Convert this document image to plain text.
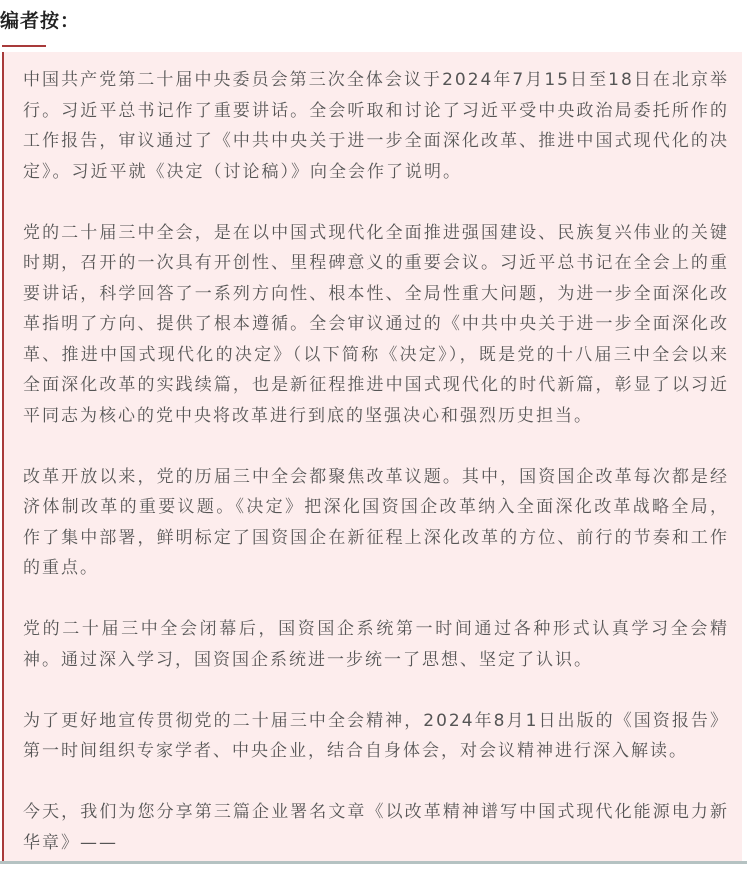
编者按：

中国共产党第二十届中央委员会第三次全体会议于2024年7月15日至18日在北京举行。习近平总书记作了重要讲话。全会听取和讨论了习近平受中央政治局委托所作的工作报告，审议通过了《中共中央关于进一步全面深化改革、推进中国式现代化的决定》。习近平就《决定（讨论稿）》向全会作了说明。

党的二十届三中全会，是在以中国式现代化全面推进强国建设、民族复兴伟业的关键时期，召开的一次具有开创性、里程碑意义的重要会议。习近平总书记在全会上的重要讲话，科学回答了一系列方向性、根本性、全局性重大问题，为进一步全面深化改革指明了方向、提供了根本遵循。全会审议通过的《中共中央关于进一步全面深化改革、推进中国式现代化的决定》（以下简称《决定》），既是党的十八届三中全会以来全面深化改革的实践续篇，也是新征程推进中国式现代化的时代新篇，彰显了以习近平同志为核心的党中央将改革进行到底的坚强决心和强烈历史担当。

改革开放以来，党的历届三中全会都聚焦改革议题。其中，国资国企改革每次都是经济体制改革的重要议题。《决定》把深化国资国企改革纳入全面深化改革战略全局，作了集中部署，鲜明标定了国资国企在新征程上深化改革的方位、前行的节奏和工作的重点。

党的二十届三中全会闭幕后，国资国企系统第一时间通过各种形式认真学习全会精神。通过深入学习，国资国企系统进一步统一了思想、坚定了认识。

为了更好地宣传贯彻党的二十届三中全会精神，2024年8月1日出版的《国资报告》第一时间组织专家学者、中央企业，结合自身体会，对会议精神进行深入解读。

今天，我们为您分享第三篇企业署名文章《以改革精神谱写中国式现代化能源电力新华章》——
